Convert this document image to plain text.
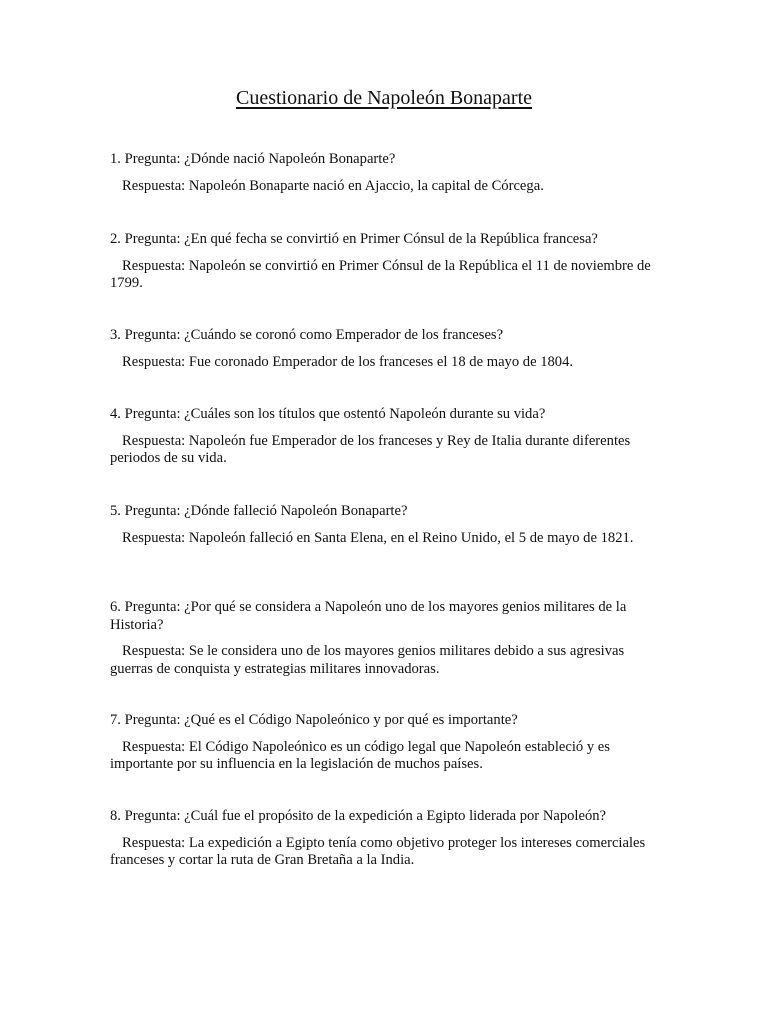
Cuestionario de Napoleón Bonaparte

1. Pregunta: ¿Dónde nació Napoleón Bonaparte?

Respuesta: Napoleón Bonaparte nació en Ajaccio, la capital de Córcega.

2. Pregunta: ¿En qué fecha se convirtió en Primer Cónsul de la República francesa?

Respuesta: Napoleón se convirtió en Primer Cónsul de la República el 11 de noviembre de 1799.

3. Pregunta: ¿Cuándo se coronó como Emperador de los franceses?

Respuesta: Fue coronado Emperador de los franceses el 18 de mayo de 1804.

4. Pregunta: ¿Cuáles son los títulos que ostentó Napoleón durante su vida?

Respuesta: Napoleón fue Emperador de los franceses y Rey de Italia durante diferentes periodos de su vida.

5. Pregunta: ¿Dónde falleció Napoleón Bonaparte?

Respuesta: Napoleón falleció en Santa Elena, en el Reino Unido, el 5 de mayo de 1821.

6. Pregunta: ¿Por qué se considera a Napoleón uno de los mayores genios militares de la Historia?

Respuesta: Se le considera uno de los mayores genios militares debido a sus agresivas guerras de conquista y estrategias militares innovadoras.

7. Pregunta: ¿Qué es el Código Napoleónico y por qué es importante?

Respuesta: El Código Napoleónico es un código legal que Napoleón estableció y es importante por su influencia en la legislación de muchos países.

8. Pregunta: ¿Cuál fue el propósito de la expedición a Egipto liderada por Napoleón?

Respuesta: La expedición a Egipto tenía como objetivo proteger los intereses comerciales franceses y cortar la ruta de Gran Bretaña a la India.
